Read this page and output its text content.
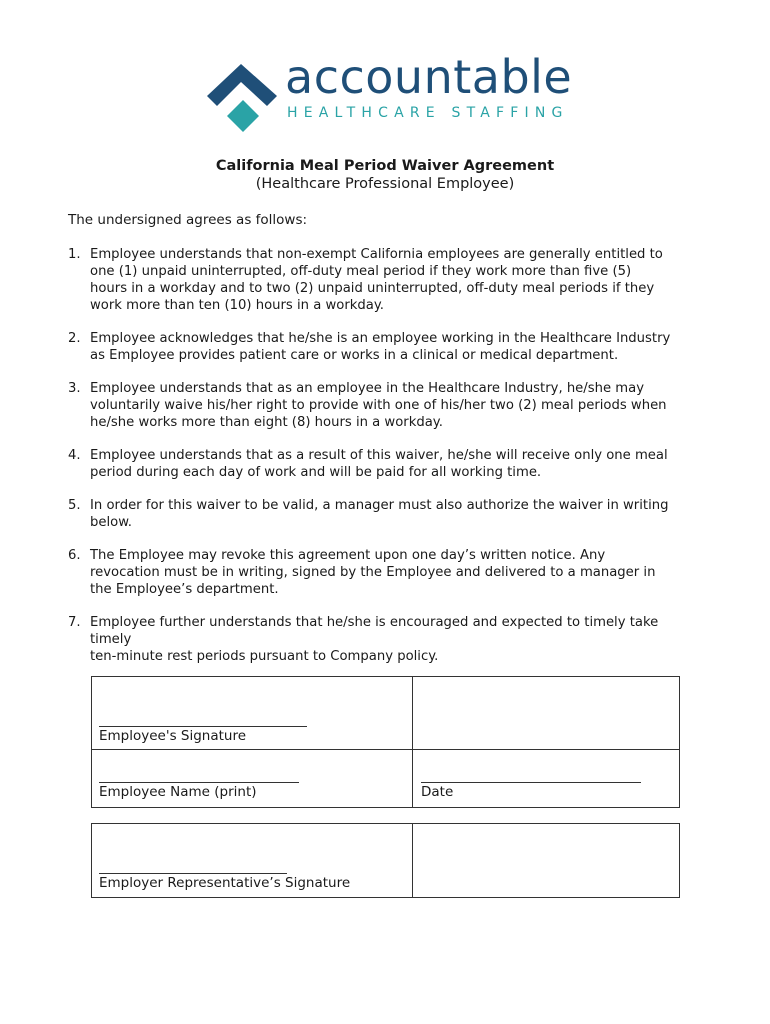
accountable
HEALTHCARE STAFFING
California Meal Period Waiver Agreement
(Healthcare Professional Employee)
The undersigned agrees as follows:
1. Employee understands that non-exempt California employees are generally entitled to
one (1) unpaid uninterrupted, off-duty meal period if they work more than five (5)
hours in a workday and to two (2) unpaid uninterrupted, off-duty meal periods if they
work more than ten (10) hours in a workday.
2. Employee acknowledges that he/she is an employee working in the Healthcare Industry
as Employee provides patient care or works in a clinical or medical department.
3. Employee understands that as an employee in the Healthcare Industry, he/she may
voluntarily waive his/her right to provide with one of his/her two (2) meal periods when
he/she works more than eight (8) hours in a workday.
4. Employee understands that as a result of this waiver, he/she will receive only one meal
period during each day of work and will be paid for all working time.
5. In order for this waiver to be valid, a manager must also authorize the waiver in writing
below.
6. The Employee may revoke this agreement upon one day’s written notice. Any
revocation must be in writing, signed by the Employee and delivered to a manager in
the Employee’s department.
7. Employee further understands that he/she is encouraged and expected to timely take
timely
ten-minute rest periods pursuant to Company policy.
Employee's Signature
Employee Name (print)	Date
Employer Representative’s Signature
